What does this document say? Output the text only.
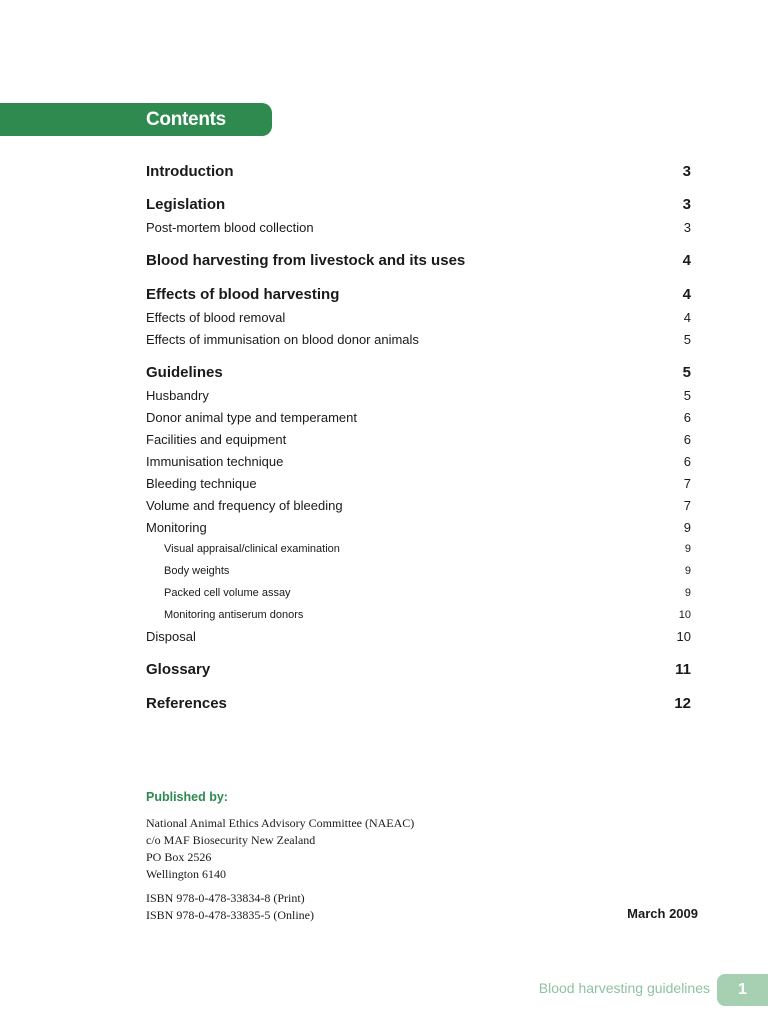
Contents
Introduction	3
Legislation	3
Post-mortem blood collection	3
Blood harvesting from livestock and its uses	4
Effects of blood harvesting	4
Effects of blood removal	4
Effects of immunisation on blood donor animals	5
Guidelines	5
Husbandry	5
Donor animal type and temperament	6
Facilities and equipment	6
Immunisation technique	6
Bleeding technique	7
Volume and frequency of bleeding	7
Monitoring	9
Visual appraisal/clinical examination	9
Body weights	9
Packed cell volume assay	9
Monitoring antiserum donors	10
Disposal	10
Glossary	11
References	12
Published by:
National Animal Ethics Advisory Committee (NAEAC)
c/o MAF Biosecurity New Zealand
PO Box 2526
Wellington 6140
ISBN 978-0-478-33834-8 (Print)
ISBN 978-0-478-33835-5 (Online)	March 2009
Blood harvesting guidelines	1
